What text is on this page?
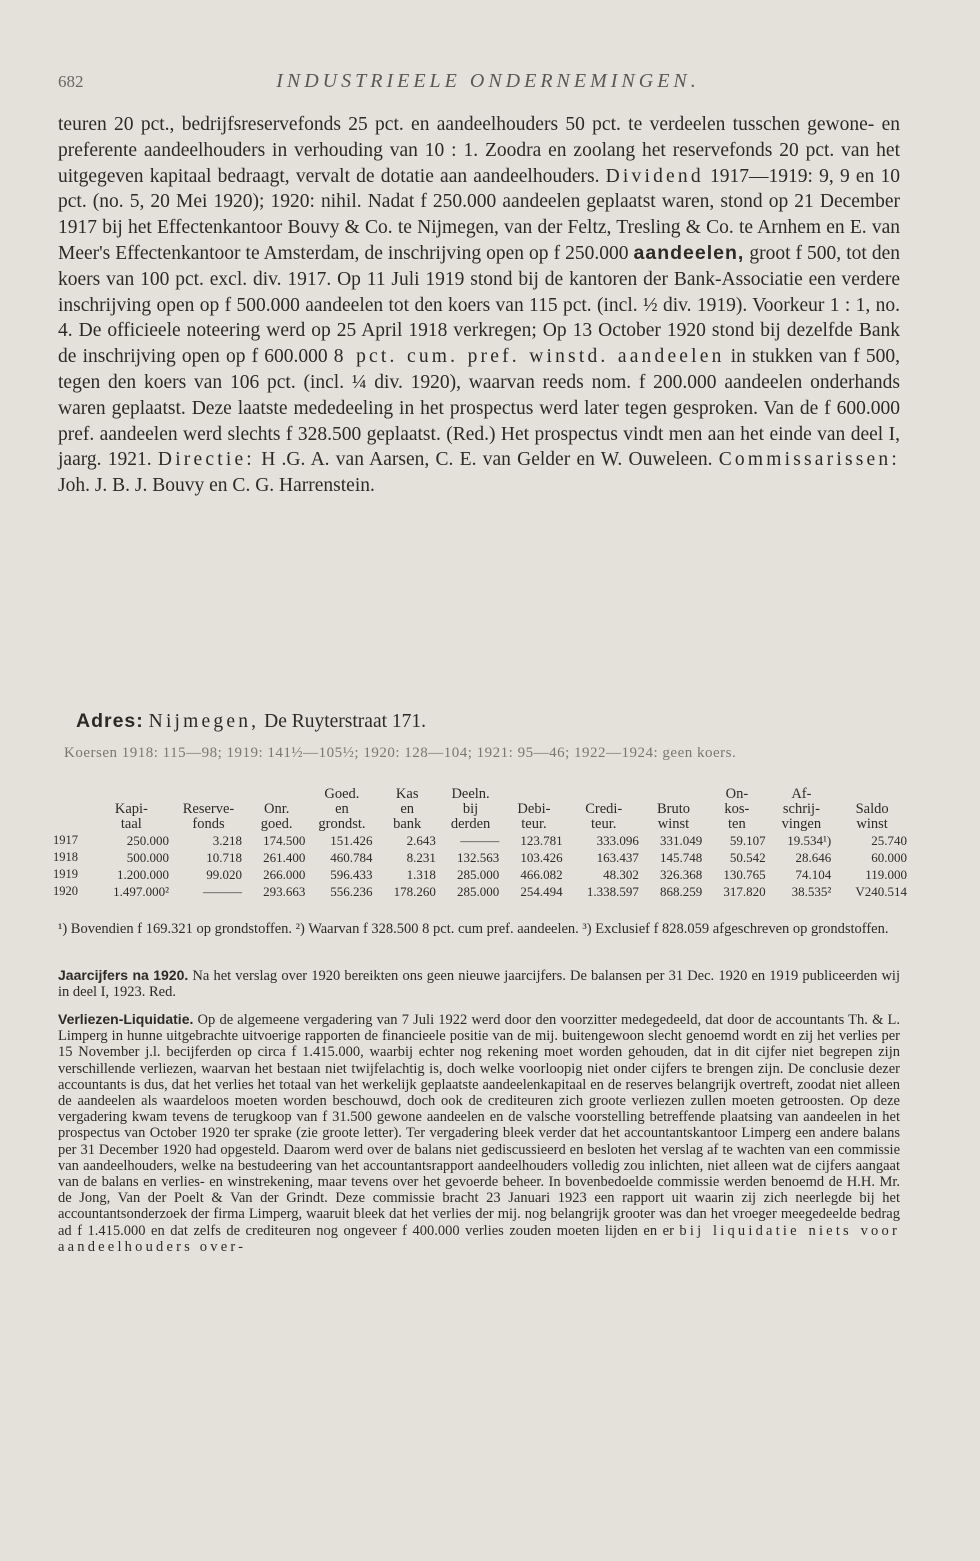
682	INDUSTRIEELE ONDERNEMINGEN.

teuren 20 pct., bedrijfsreservefonds 25 pct. en aandeelhouders 50 pct. te verdeelen tusschen gewone- en preferente aandeelhouders in verhouding van 10 : 1. Zoodra en zoolang het reservefonds 20 pct. van het uitgegeven kapitaal bedraagt, vervalt de dotatie aan aandeelhouders. Dividend 1917—1919: 9, 9 en 10 pct. (no. 5, 20 Mei 1920); 1920: nihil. Nadat f 250.000 aandeelen geplaatst waren, stond op 21 December 1917 bij het Effectenkantoor Bouvy & Co. te Nijmegen, van der Feltz, Tresling & Co. te Arnhem en E. van Meer's Effectenkantoor te Amsterdam, de inschrijving open op f 250.000 aandeelen, groot f 500, tot den koers van 100 pct. excl. div. 1917. Op 11 Juli 1919 stond bij de kantoren der Bank-Associatie een verdere inschrijving open op f 500.000 aandeelen tot den koers van 115 pct. (incl. ½ div. 1919). Voorkeur 1 : 1, no. 4. De officieele noteering werd op 25 April 1918 verkregen; Op 13 October 1920 stond bij dezelfde Bank de inschrijving open op f 600.000 8 pct. cum. pref. winstd. aandeelen in stukken van f 500, tegen den koers van 106 pct. (incl. ¼ div. 1920), waarvan reeds nom. f 200.000 aandeelen onderhands waren geplaatst. Deze laatste mededeeling in het prospectus werd later tegen gesproken. Van de f 600.000 pref. aandeelen werd slechts f 328.500 geplaatst. (Red.) Het prospectus vindt men aan het einde van deel I, jaarg. 1921. Directie: H .G. A. van Aarsen, C. E. van Gelder en W. Ouweleen. Commissarissen: Joh. J. B. J. Bouvy en C. G. Harrenstein.

Adres: Nijmegen, De Ruyterstraat 171.

Koersen 1918: 115—98; 1919: 141½—105½; 1920: 128—104; 1921: 95—46; 1922—1924: geen koers.

				Goed.	Kas	Deeln.				On-	Af-	
	Kapi-	Reserve-	Onr.	en	en	bij	Debi-	Credi-	Bruto	kos-	schrij-	Saldo
	taal	fonds	goed.	grondst.	bank	derden	teur.	teur.	winst	ten	vingen	winst
1917	250.000	3.218	174.500	151.426	2.643	———	123.781	333.096	331.049	59.107	19.534¹)	25.740
1918	500.000	10.718	261.400	460.784	8.231	132.563	103.426	163.437	145.748	50.542	28.646	60.000
1919	1.200.000	99.020	266.000	596.433	1.318	285.000	466.082	48.302	326.368	130.765	74.104	119.000
1920	1.497.000²	———	293.663	556.236	178.260	285.000	254.494	1.338.597	868.259	317.820	38.535²	V240.514

¹) Bovendien f 169.321 op grondstoffen. ²) Waarvan f 328.500 8 pct. cum pref. aandeelen. ³) Exclusief f 828.059 afgeschreven op grondstoffen.

Jaarcijfers na 1920. Na het verslag over 1920 bereikten ons geen nieuwe jaarcijfers. De balansen per 31 Dec. 1920 en 1919 publiceerden wij in deel I, 1923. Red.

Verliezen-Liquidatie. Op de algemeene vergadering van 7 Juli 1922 werd door den voorzitter medegedeeld, dat door de accountants Th. & L. Limperg in hunne uitgebrachte uitvoerige rapporten de financieele positie van de mij. buitengewoon slecht genoemd wordt en zij het verlies per 15 November j.l. becijferden op circa f 1.415.000, waarbij echter nog rekening moet worden gehouden, dat in dit cijfer niet begrepen zijn verschillende verliezen, waarvan het bestaan niet twijfelachtig is, doch welke voorloopig niet onder cijfers te brengen zijn. De conclusie dezer accountants is dus, dat het verlies het totaal van het werkelijk geplaatste aandeelenkapitaal en de reserves belangrijk overtreft, zoodat niet alleen de aandeelen als waardeloos moeten worden beschouwd, doch ook de crediteuren zich groote verliezen zullen moeten getroosten. Op deze vergadering kwam tevens de terugkoop van f 31.500 gewone aandeelen en de valsche voorstelling betreffende plaatsing van aandeelen in het prospectus van October 1920 ter sprake (zie groote letter). Ter vergadering bleek verder dat het accountantskantoor Limperg een andere balans per 31 December 1920 had opgesteld. Daarom werd over de balans niet gediscussieerd en besloten het verslag af te wachten van een commissie van aandeelhouders, welke na bestudeering van het accountantsrapport aandeelhouders volledig zou inlichten, niet alleen wat de cijfers aangaat van de balans en verlies- en winstrekening, maar tevens over het gevoerde beheer. In bovenbedoelde commissie werden benoemd de H.H. Mr. de Jong, Van der Poelt & Van der Grindt. Deze commissie bracht 23 Januari 1923 een rapport uit waarin zij zich neerlegde bij het accountantsonderzoek der firma Limperg, waaruit bleek dat het verlies der mij. nog belangrijk grooter was dan het vroeger meegedeelde bedrag ad f 1.415.000 en dat zelfs de crediteuren nog ongeveer f 400.000 verlies zouden moeten lijden en er bij liquidatie niets voor aandeelhouders over-
